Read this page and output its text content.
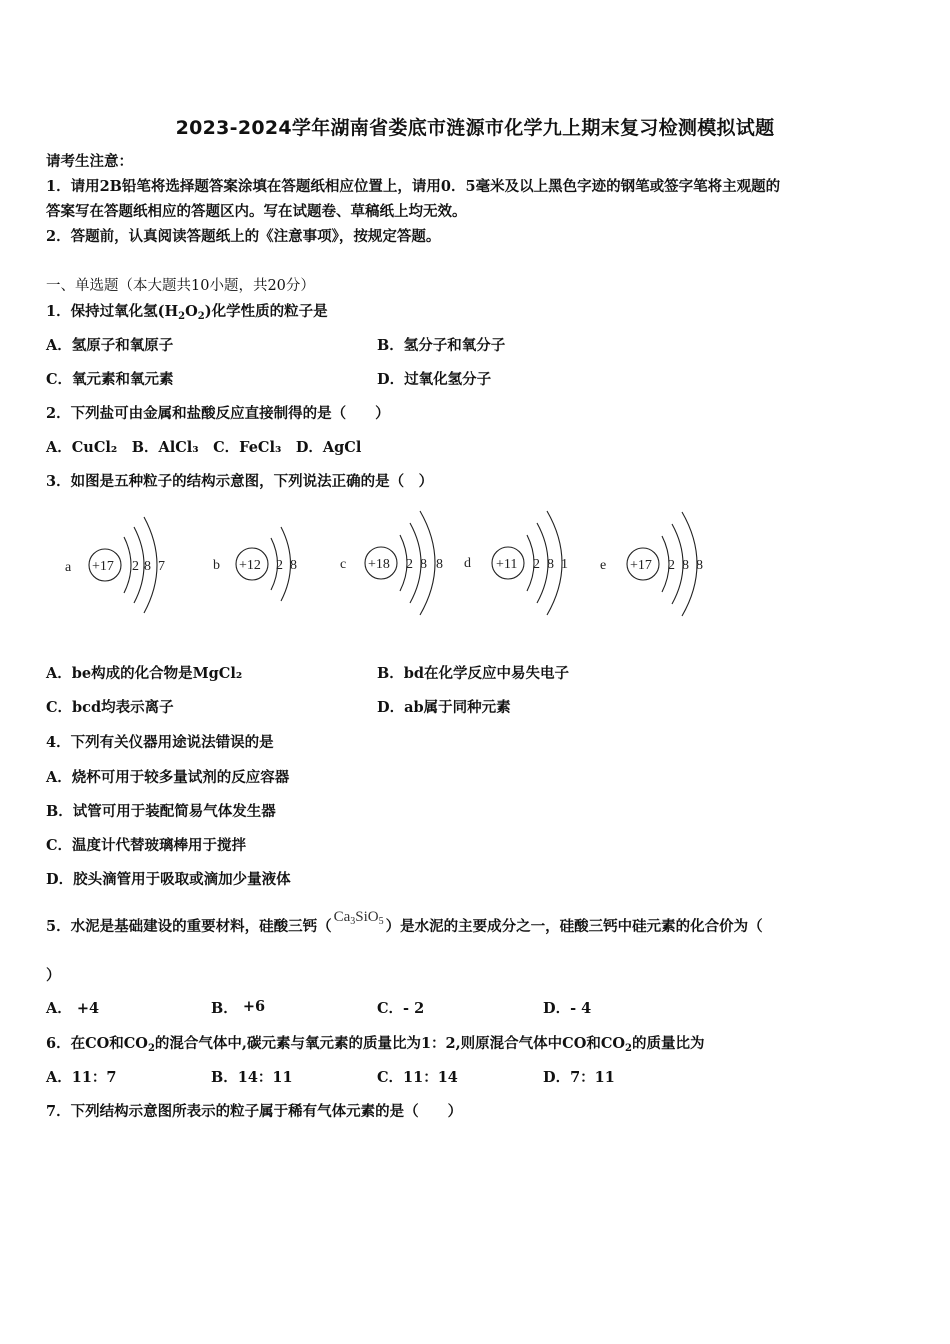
2023-2024学年湖南省娄底市涟源市化学九上期末复习检测模拟试题
请考生注意：
1．请用2B铅笔将选择题答案涂填在答题纸相应位置上，请用0．5毫米及以上黑色字迹的钢笔或签字笔将主观题的
答案写在答题纸相应的答题区内。写在试题卷、草稿纸上均无效。
2．答题前，认真阅读答题纸上的《注意事项》，按规定答题。
一、单选题（本大题共10小题，共20分）
1．保持过氧化氢$(H_2O_2)$化学性质的粒子是
A．氢原子和氧原子	B．氢分子和氧分子
C．氧元素和氧元素	D．过氧化氢分子
2．下列盐可由金属和盐酸反应直接制得的是（　　）
A．CuCl₂　B．AlCl₃　C．FeCl₃　D．AgCl
3．如图是五种粒子的结构示意图，下列说法正确的是（　）
a +17 2 8 7	b +12 2 8	c +18 2 8 8 d +11 2 8 1 e +17 2 8 8
A．be构成的化合物是MgCl₂	B．bd在化学反应中易失电子
C．bcd均表示离子	D．ab属于同种元素
4．下列有关仪器用途说法错误的是
A．烧杯可用于较多量试剂的反应容器
B．试管可用于装配简易气体发生器
C．温度计代替玻璃棒用于搅拌
D．胶头滴管用于吸取或滴加少量液体
5．水泥是基础建设的重要材料，硅酸三钙（$Ca_3SiO_5$ ）是水泥的主要成分之一，硅酸三钙中硅元素的化合价为（
）
A． +4	B． +6	C．- 2	D．- 4
6．在CO和$CO_2$的混合气体中,碳元素与氧元素的质量比为1：2,则原混合气体中CO和$CO_2$的质量比为
A．11：7	B．14：11	C．11：14	D．7：11
7．下列结构示意图所表示的粒子属于稀有气体元素的是（　　）
